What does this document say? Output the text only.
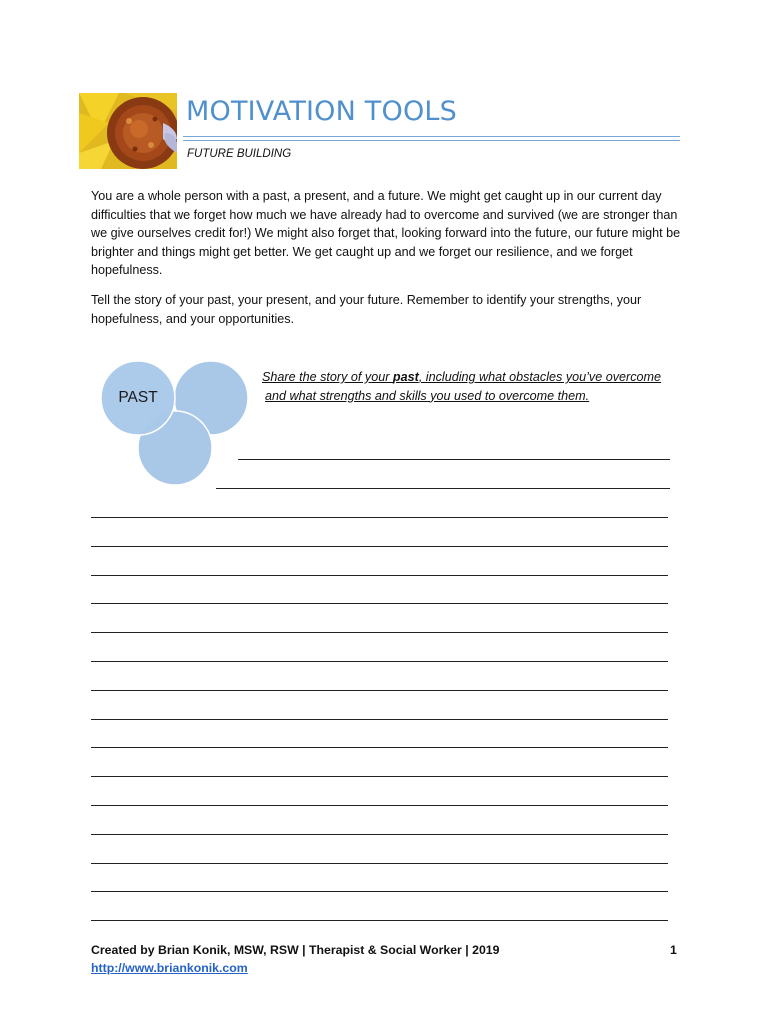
MOTIVATION TOOLS
FUTURE BUILDING
You are a whole person with a past, a present, and a future. We might get caught up in our current day difficulties that we forget how much we have already had to overcome and survived (we are stronger than we give ourselves credit for!) We might also forget that, looking forward into the future, our future might be brighter and things might get better. We get caught up and we forget our resilience, and we forget hopefulness.
Tell the story of your past, your present, and your future. Remember to identify your strengths, your hopefulness, and your opportunities.
PAST
Share the story of your past, including what obstacles you’ve overcome
and what strengths and skills you used to overcome them.
Created by Brian Konik, MSW, RSW | Therapist & Social Worker | 2019
http://www.briankonik.com
1
